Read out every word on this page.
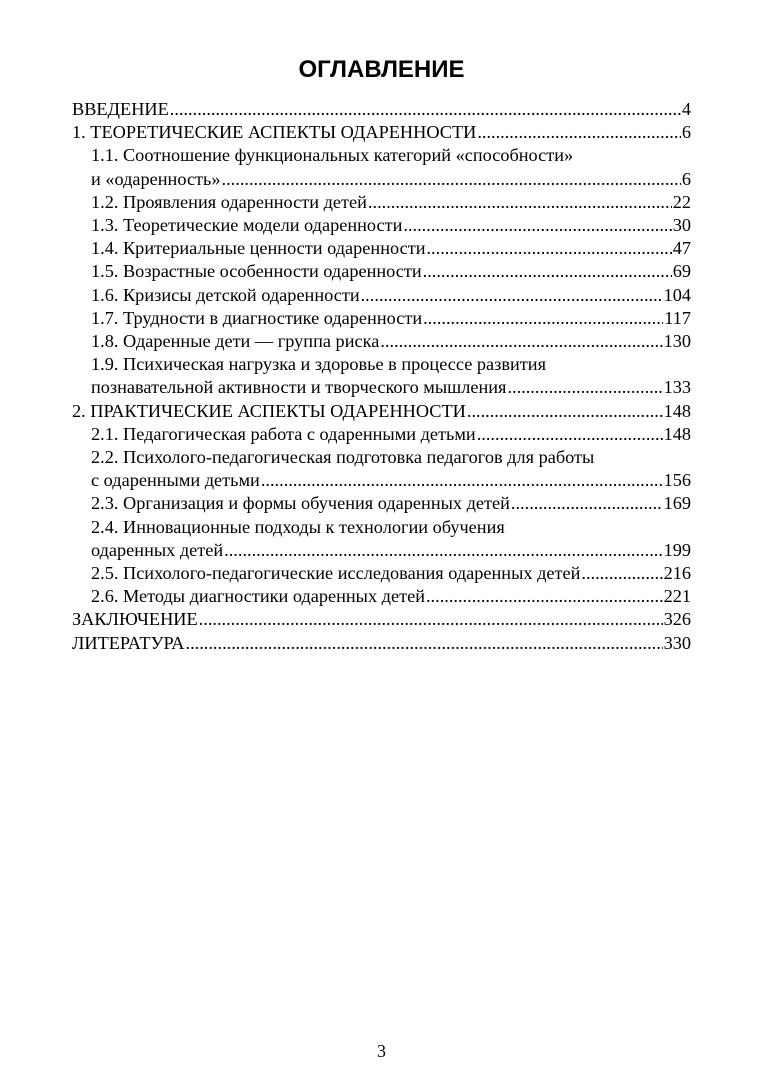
ОГЛАВЛЕНИЕ
ВВЕДЕНИЕ .....	4
1. ТЕОРЕТИЧЕСКИЕ АСПЕКТЫ ОДАРЕННОСТИ .....	6
1.1. Соотношение функциональных категорий «способности»
и «одаренность» .....	6
1.2. Проявления одаренности детей .....	22
1.3. Теоретические модели одаренности .....	30
1.4. Критериальные ценности одаренности .....	47
1.5. Возрастные особенности одаренности .....	69
1.6. Кризисы детской одаренности .....	104
1.7. Трудности в диагностике одаренности .....	117
1.8. Одаренные дети — группа риска .....	130
1.9. Психическая нагрузка и здоровье в процессе развития
познавательной активности и творческого мышления .....	133
2. ПРАКТИЧЕСКИЕ АСПЕКТЫ ОДАРЕННОСТИ .....	148
2.1. Педагогическая работа с одаренными детьми .....	148
2.2. Психолого-педагогическая подготовка педагогов для работы
с одаренными детьми .....	156
2.3. Организация и формы обучения одаренных детей .....	169
2.4. Инновационные подходы к технологии обучения
одаренных детей .....	199
2.5. Психолого-педагогические исследования одаренных детей .....	216
2.6. Методы диагностики одаренных детей .....	221
ЗАКЛЮЧЕНИЕ .....	326
ЛИТЕРАТУРА .....	330
3
